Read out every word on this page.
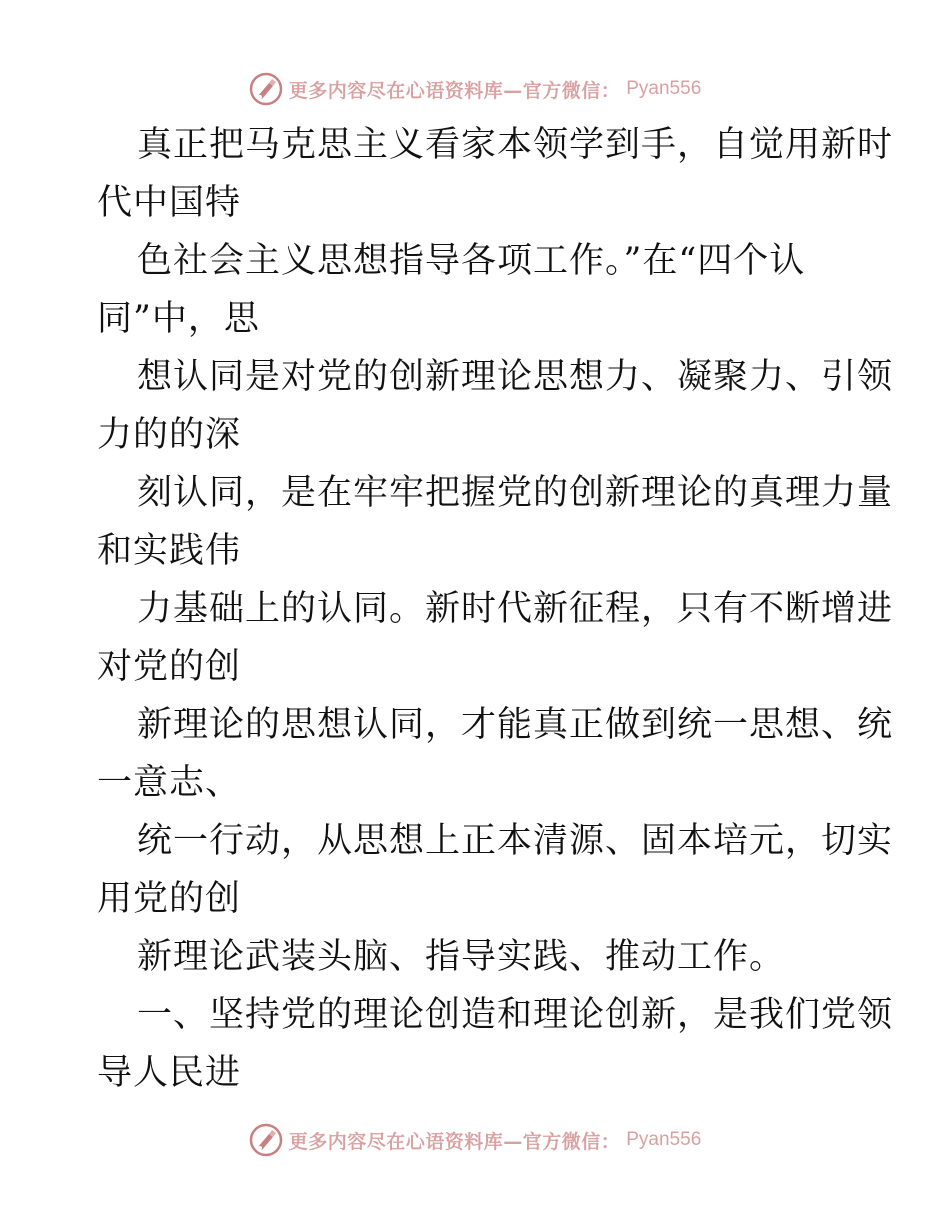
更多内容尽在心语资料库—官方微信： Pyan556
真正把马克思主义看家本领学到手，自觉用新时
代中国特
色社会主义思想指导各项工作。”在“四个认
同”中，思
想认同是对党的创新理论思想力、凝聚力、引领
力的的深
刻认同，是在牢牢把握党的创新理论的真理力量
和实践伟
力基础上的认同。新时代新征程，只有不断增进
对党的创
新理论的思想认同，才能真正做到统一思想、统
一意志、
统一行动，从思想上正本清源、固本培元，切实
用党的创
新理论武装头脑、指导实践、推动工作。
一、坚持党的理论创造和理论创新，是我们党领
导人民进
更多内容尽在心语资料库—官方微信： Pyan556
